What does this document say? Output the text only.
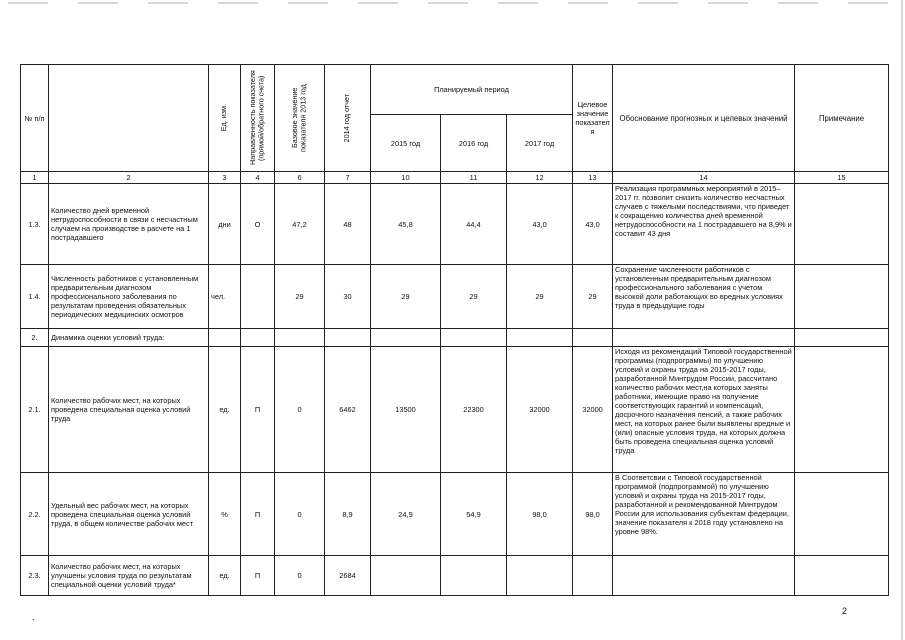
№ п/п		Ед. изм.	Направленность показателя (прямой/обратного счета)	Базовое значение показателя 2013 год	2014 год отчет	Планируемый период			Целевое значение показател я	Обоснование прогнозных и целевых значений	Примечание
						2015 год	2016 год	2017 год			
1	2	3	4	6	7	10	11	12	13	14	15
1.3.	Количество дней временной нетрудоспособности в связи с несчастным случаем на производстве в расчете на 1 пострадавшего	дни	О	47,2	48	45,8	44,4	43,0	43,0	Реализация программных мероприятий в 2015–2017 гг. позволит снизить количество несчастных случаев с тяжелыми последствиями, что приведет к сокращению количества дней временной нетрудоспособности на 1 пострадавшего на 8,9% и составит 43 дня	
1.4.	Численность работников с установленным предварительным диагнозом профессионального заболевания по результатам проведения обязательных периодических медицинских осмотров	чел.		29	30	29	29	29	29	Сохранение численности работников с установленным предварительным диагнозом профессионального заболевания с учетом высокой доли работающих во вредных условиях труда в предыдущие годы	
2.	Динамика оценки условий труда:										
2.1.	Количество рабочих мест, на которых проведена специальная оценка условий труда	ед.	П	0	6462	13500	22300	32000	32000	Исходя из рекомендаций Типовой государственной программы (подпрограммы) по улучшению условий и охраны труда на 2015-2017 годы, разработанной Минтрудом России, рассчитано количество рабочих мест,на которых заняты работники, имеющие право на получение соответствующих гарантий и компенсаций, досрочного назначения пенсий, а также рабочих мест, на которых ранее были выявлены вредные и (или) опасные условия труда, на которых должна быть проведена специальная оценка условий труда	
2.2.	Удельный вес рабочих мест, на которых проведена специальная оценка условий труда, в общем количестве рабочих мест	%	П	0	8,9	24,9	54,9	98,0	98,0	В Соответсвии с Типовой государственной программой (подпрограммой) по улучшению условий и охраны труда на 2015-2017 годы, разработанной и рекомендованной Минтрудом России для использования субъектам федерации, значение показателя к 2018 году установлено на уровне 98%.	
2.3.	Количество рабочих мест, на которых улучшены условия труда по результатам специальной оценки условий труда*	ед.	П	0	2684						
.
2
